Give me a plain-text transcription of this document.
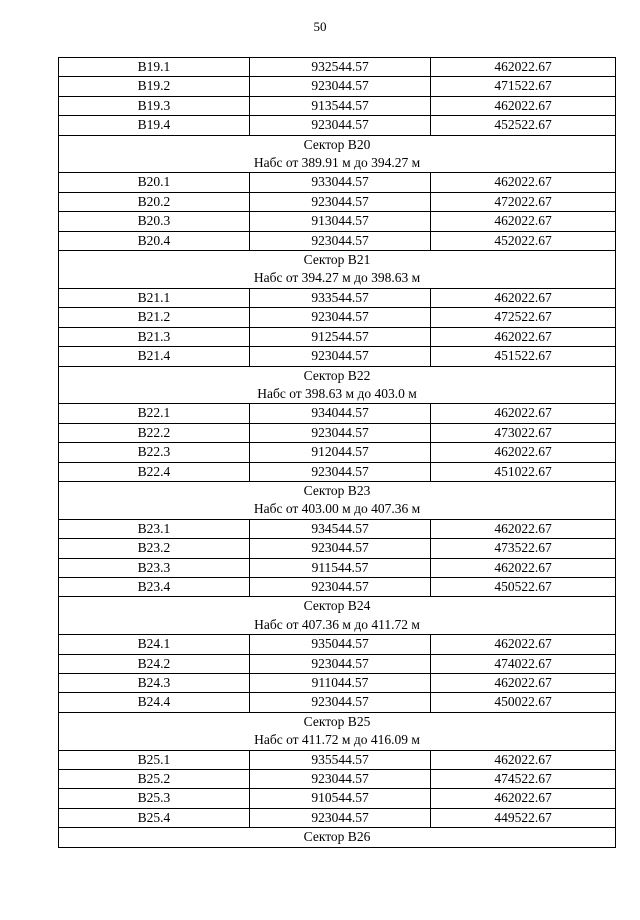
50
B19.1	932544.57	462022.67
B19.2	923044.57	471522.67
B19.3	913544.57	462022.67
B19.4	923044.57	452522.67

Сектор B20
Набс от 389.91 м до 394.27 м		

B20.1	933044.57	462022.67
B20.2	923044.57	472022.67
B20.3	913044.57	462022.67
B20.4	923044.57	452022.67

Сектор B21
Набс от 394.27 м до 398.63 м		

B21.1	933544.57	462022.67
B21.2	923044.57	472522.67
B21.3	912544.57	462022.67
B21.4	923044.57	451522.67

Сектор B22
Набс от 398.63 м до 403.0 м		

B22.1	934044.57	462022.67
B22.2	923044.57	473022.67
B22.3	912044.57	462022.67
B22.4	923044.57	451022.67

Сектор B23
Набс от 403.00 м до 407.36 м		

B23.1	934544.57	462022.67
B23.2	923044.57	473522.67
B23.3	911544.57	462022.67
B23.4	923044.57	450522.67

Сектор B24
Набс от 407.36 м до 411.72 м		

B24.1	935044.57	462022.67
B24.2	923044.57	474022.67
B24.3	911044.57	462022.67
B24.4	923044.57	450022.67

Сектор B25
Набс от 411.72 м до 416.09 м		

B25.1	935544.57	462022.67
B25.2	923044.57	474522.67
B25.3	910544.57	462022.67
B25.4	923044.57	449522.67
Сектор B26		
